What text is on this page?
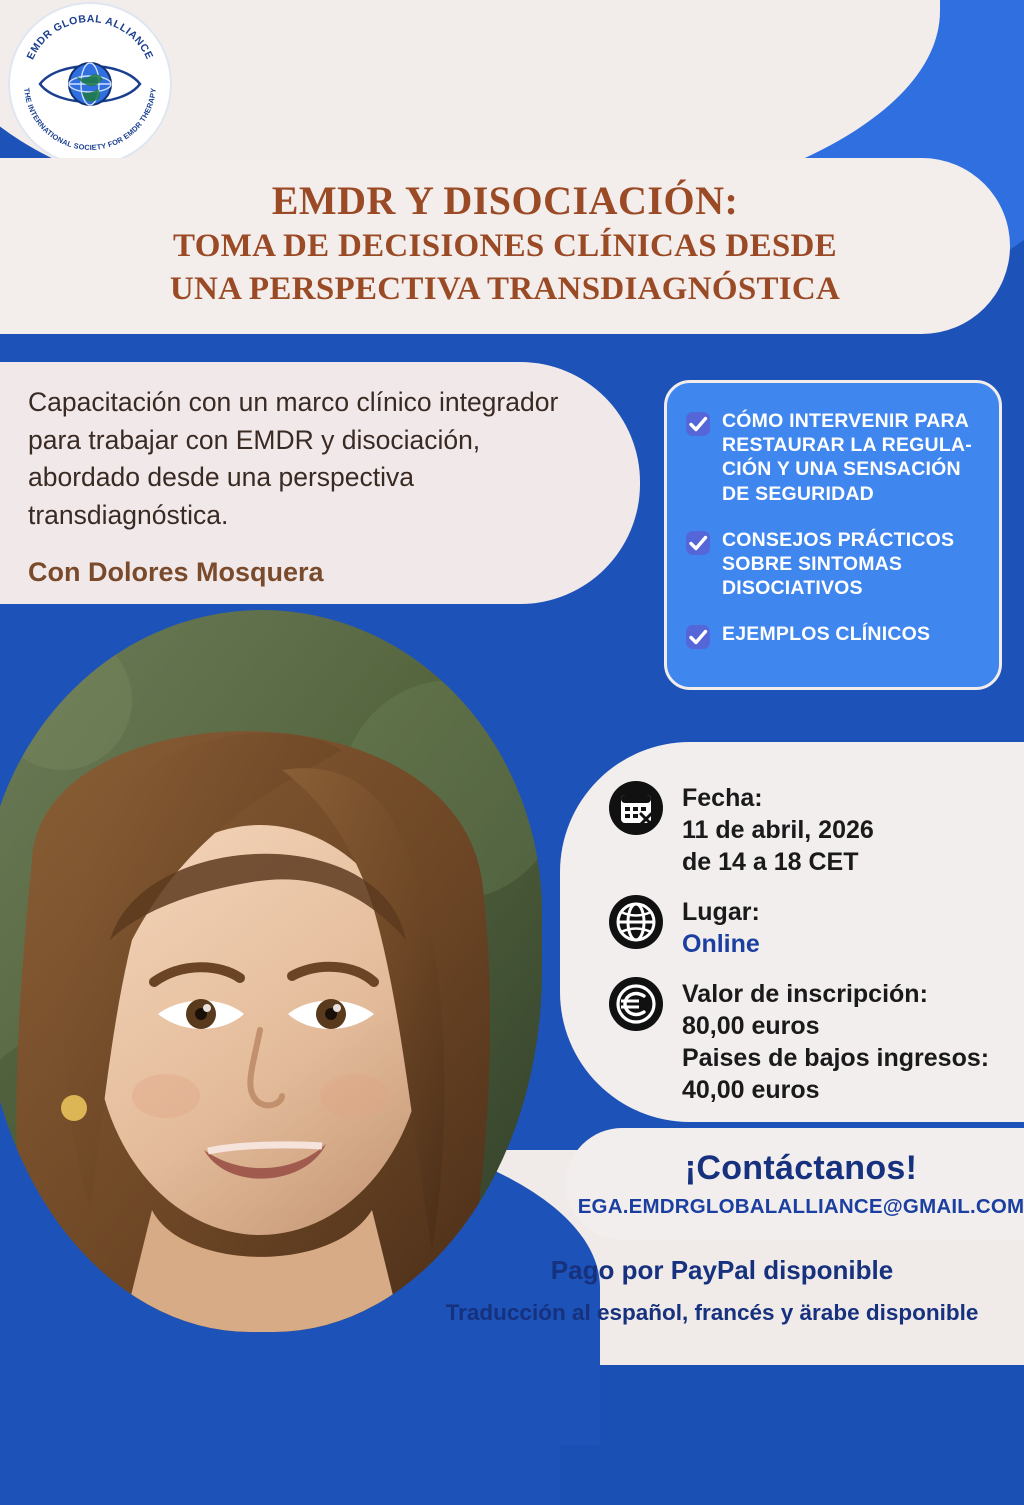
EMDR GLOBAL ALLIANCE
THE INTERNATIONAL SOCIETY FOR EMDR THERAPY
EMDR Y DISOCIACIÓN:
TOMA DE DECISIONES CLÍNICAS DESDE
UNA PERSPECTIVA TRANSDIAGNÓSTICA
Capacitación con un marco clínico integrador para trabajar con EMDR y disociación, abordado desde una perspectiva transdiagnóstica.
Con Dolores Mosquera
CÓMO INTERVENIR PARA RESTAURAR LA REGULA-CIÓN Y UNA SENSACIÓN DE SEGURIDAD
CONSEJOS PRÁCTICOS SOBRE SINTOMAS DISOCIATIVOS
EJEMPLOS CLÍNICOS
Fecha:
11 de abril, 2026
de 14 a 18 CET
Lugar:
Online
Valor de inscripción:
80,00 euros
Paises de bajos ingresos:
40,00 euros
¡Contáctanos!
EGA.EMDRGLOBALALLIANCE@GMAIL.COM
Pago por PayPal disponible
Traducción al español, francés y ärabe disponible
